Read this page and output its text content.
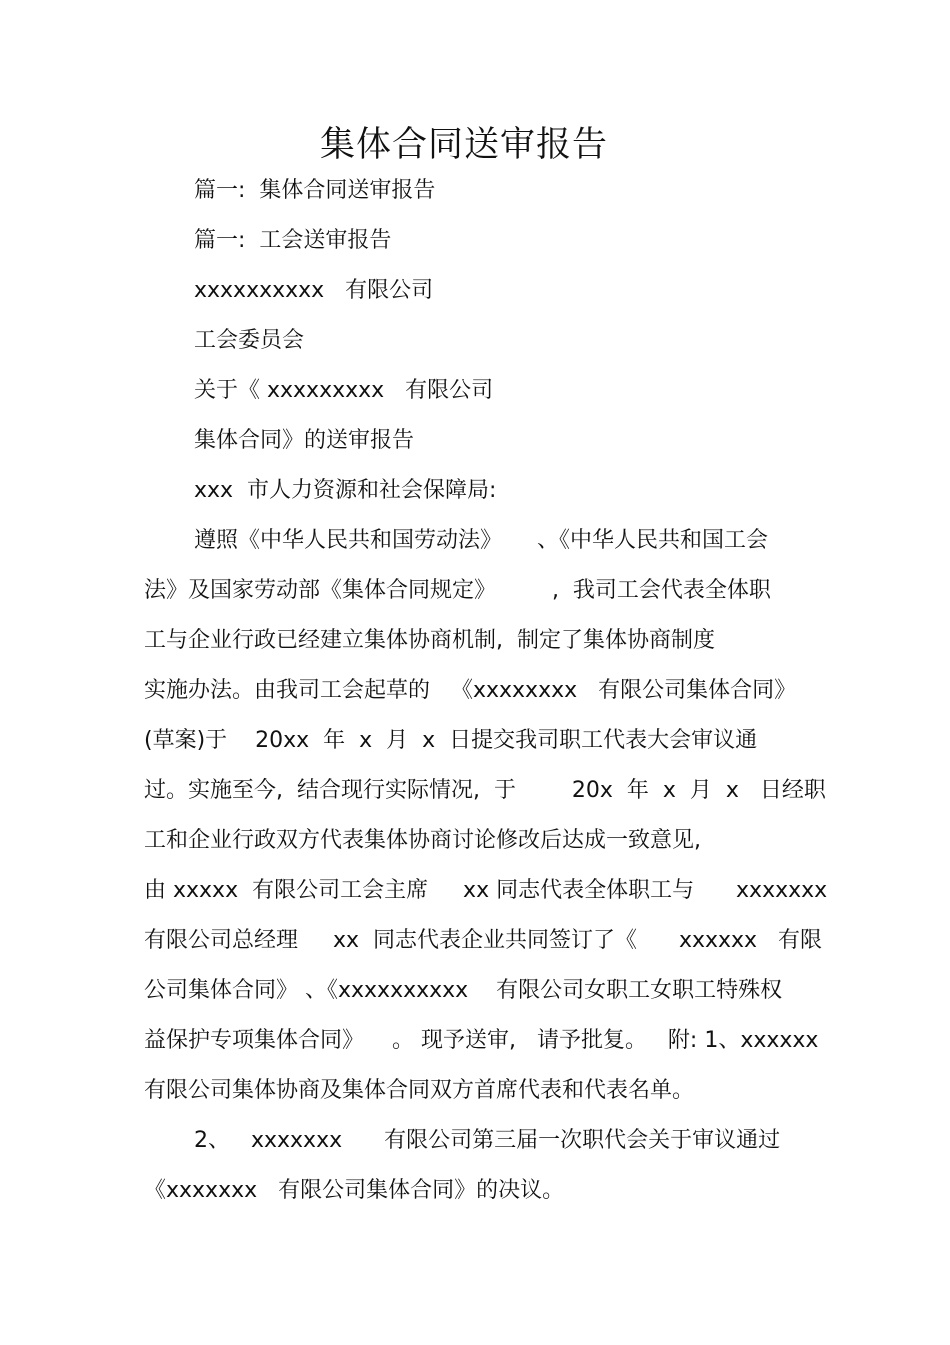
集体合同送审报告
篇一:  集体合同送审报告
篇一:  工会送审报告
xxxxxxxxxx   有限公司
工会委员会
关于《 xxxxxxxxx   有限公司
集体合同》的送审报告
xxx  市人力资源和社会保障局:
遵照《中华人民共和国劳动法》     、《中华人民共和国工会
法》及国家劳动部《集体合同规定》        ,  我司工会代表全体职
工与企业行政已经建立集体协商机制,  制定了集体协商制度
实施办法。由我司工会起草的   《xxxxxxxx   有限公司集体合同》
(草案)于    20xx  年  x  月  x  日提交我司职工代表大会审议通
过。实施至今,  结合现行实际情况,  于        20x  年  x  月  x   日经职
工和企业行政双方代表集体协商讨论修改后达成一致意见,
由 xxxxx  有限公司工会主席     xx 同志代表全体职工与      xxxxxxx
有限公司总经理     xx  同志代表企业共同签订了《      xxxxxx   有限
公司集体合同》 、《xxxxxxxxxx    有限公司女职工女职工特殊权
益保护专项集体合同》    。 现予送审,   请予批复。   附: 1、xxxxxx
有限公司集体协商及集体合同双方首席代表和代表名单。
2、   xxxxxxx      有限公司第三届一次职代会关于审议通过
《xxxxxxx   有限公司集体合同》的决议。
